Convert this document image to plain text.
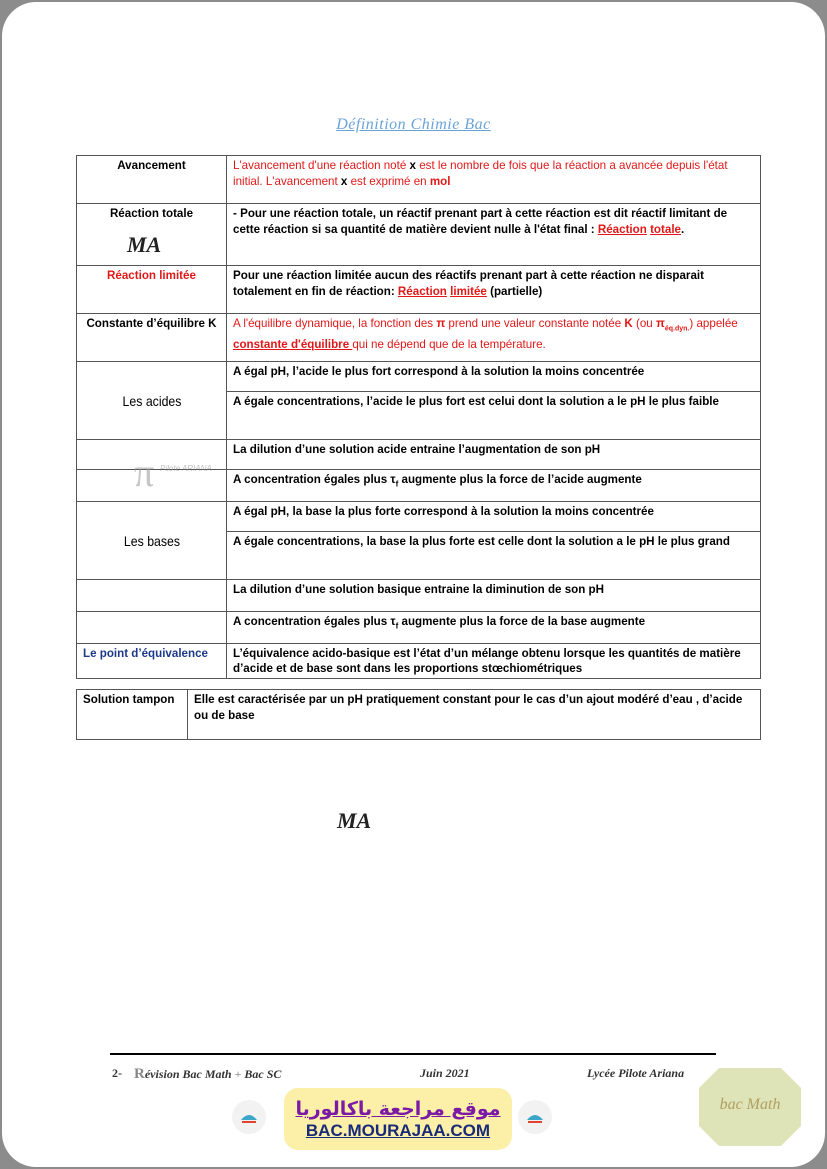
Définition Chimie Bac
Avancement	L'avancement d'une réaction noté x est le nombre de fois que la réaction a avancée depuis l'état initial. L'avancement x est exprimé en mol
Réaction totale	- Pour une réaction totale, un réactif prenant part à cette réaction est dit réactif limitant de cette réaction si sa quantité de matière devient nulle à l'état final : Réaction totale.
Réaction limitée	Pour une réaction limitée aucun des réactifs prenant part à cette réaction ne disparait totalement en fin de réaction: Réaction limitée (partielle)
Constante d’équilibre K	A l'équilibre dynamique, la fonction des π prend une valeur constante notée K (ou $\pi_{éq.dyn.}$) appelée constante d'équilibre qui ne dépend que de la température.
Les acides	A égal pH, l’acide le plus fort correspond à la solution la moins concentrée
	A égale concentrations, l’acide le plus fort est celui dont la solution a le pH le plus faible
	La dilution d’une solution acide entraine l’augmentation de son pH
	A concentration égales plus $\tau_f$ augmente plus la force de l’acide augmente
Les bases	A égal pH, la base la plus forte correspond à la solution la moins concentrée
	A égale concentrations, la base la plus forte est celle dont la solution a le pH le plus grand
	La dilution d’une solution basique entraine la diminution de son pH
	A concentration égales plus $\tau_f$ augmente plus la force de la base augmente
Le point d’équivalence	L’équivalence acido-basique est l’état d’un mélange obtenu lorsque les quantités de matière d’acide et de base sont dans les proportions stœchiométriques
Solution tampon	Elle est caractérisée par un pH pratiquement constant pour le cas d’un ajout modéré d’eau , d’acide ou de base
MA
MA
π Pilote ARIANA
2- Révision Bac Math + Bac SC	Juin 2021	Lycée Pilote Ariana
موقع مراجعة باكالوريا
BAC.MOURAJAA.COM
bac Math
